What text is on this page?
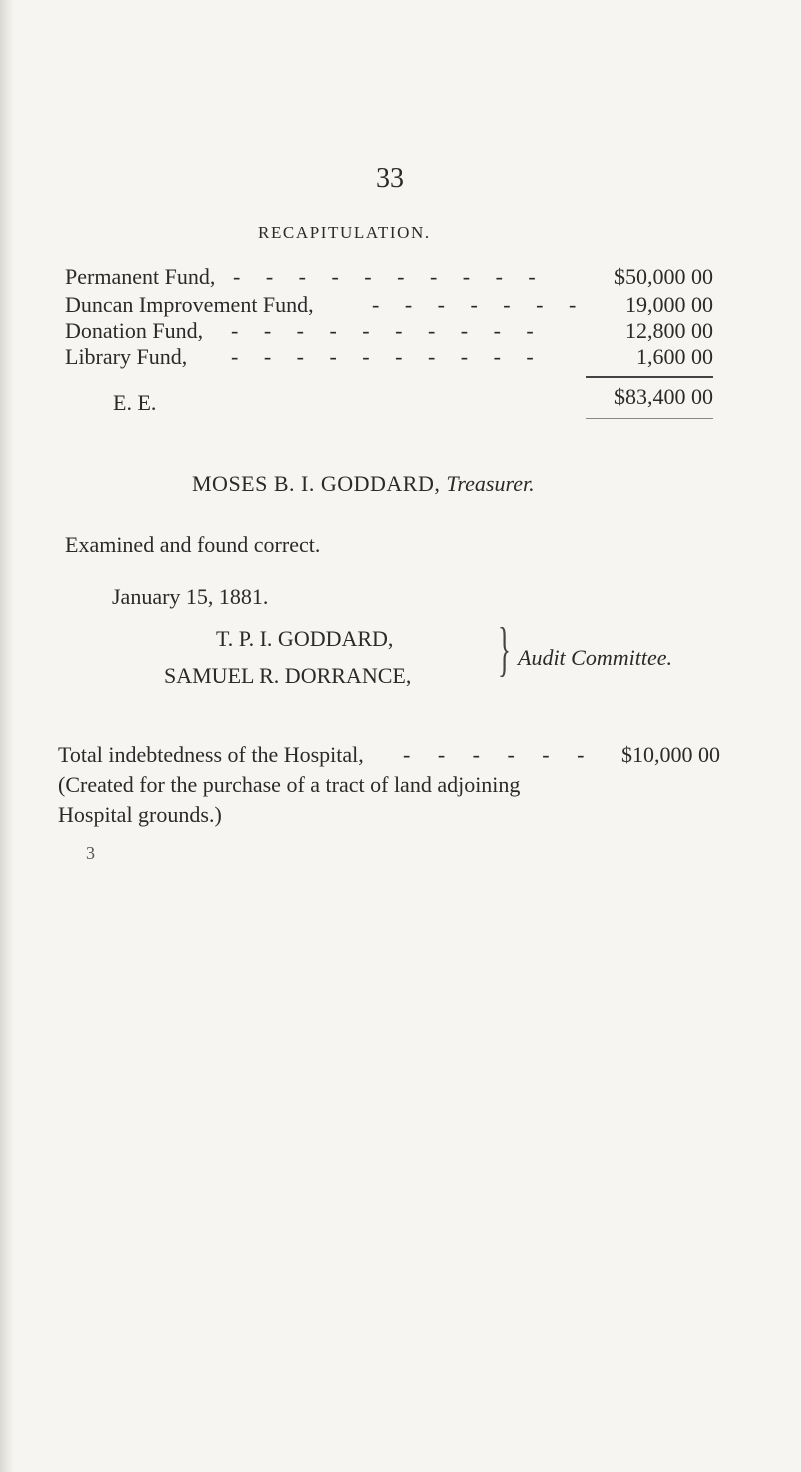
33
RECAPITULATION.
Permanent Fund, - - - - - - - - - -	$50,000 00
Duncan Improvement Fund,	- - - - - - - 19,000 00
Donation Fund, - - - - - - - - - -	12,800 00
Library Fund, - - - - - - - - - -	1,600 00
$83,400 00
E. E.
MOSES B. I. GODDARD, Treasurer.
Examined and found correct.
January 15, 1881.
T. P. I. GODDARD,
SAMUEL R. DORRANCE, } Audit Committee.
Total indebtedness of the Hospital, - - - - - - $10,000 00
(Created for the purchase of a tract of land adjoining
Hospital grounds.)
3
